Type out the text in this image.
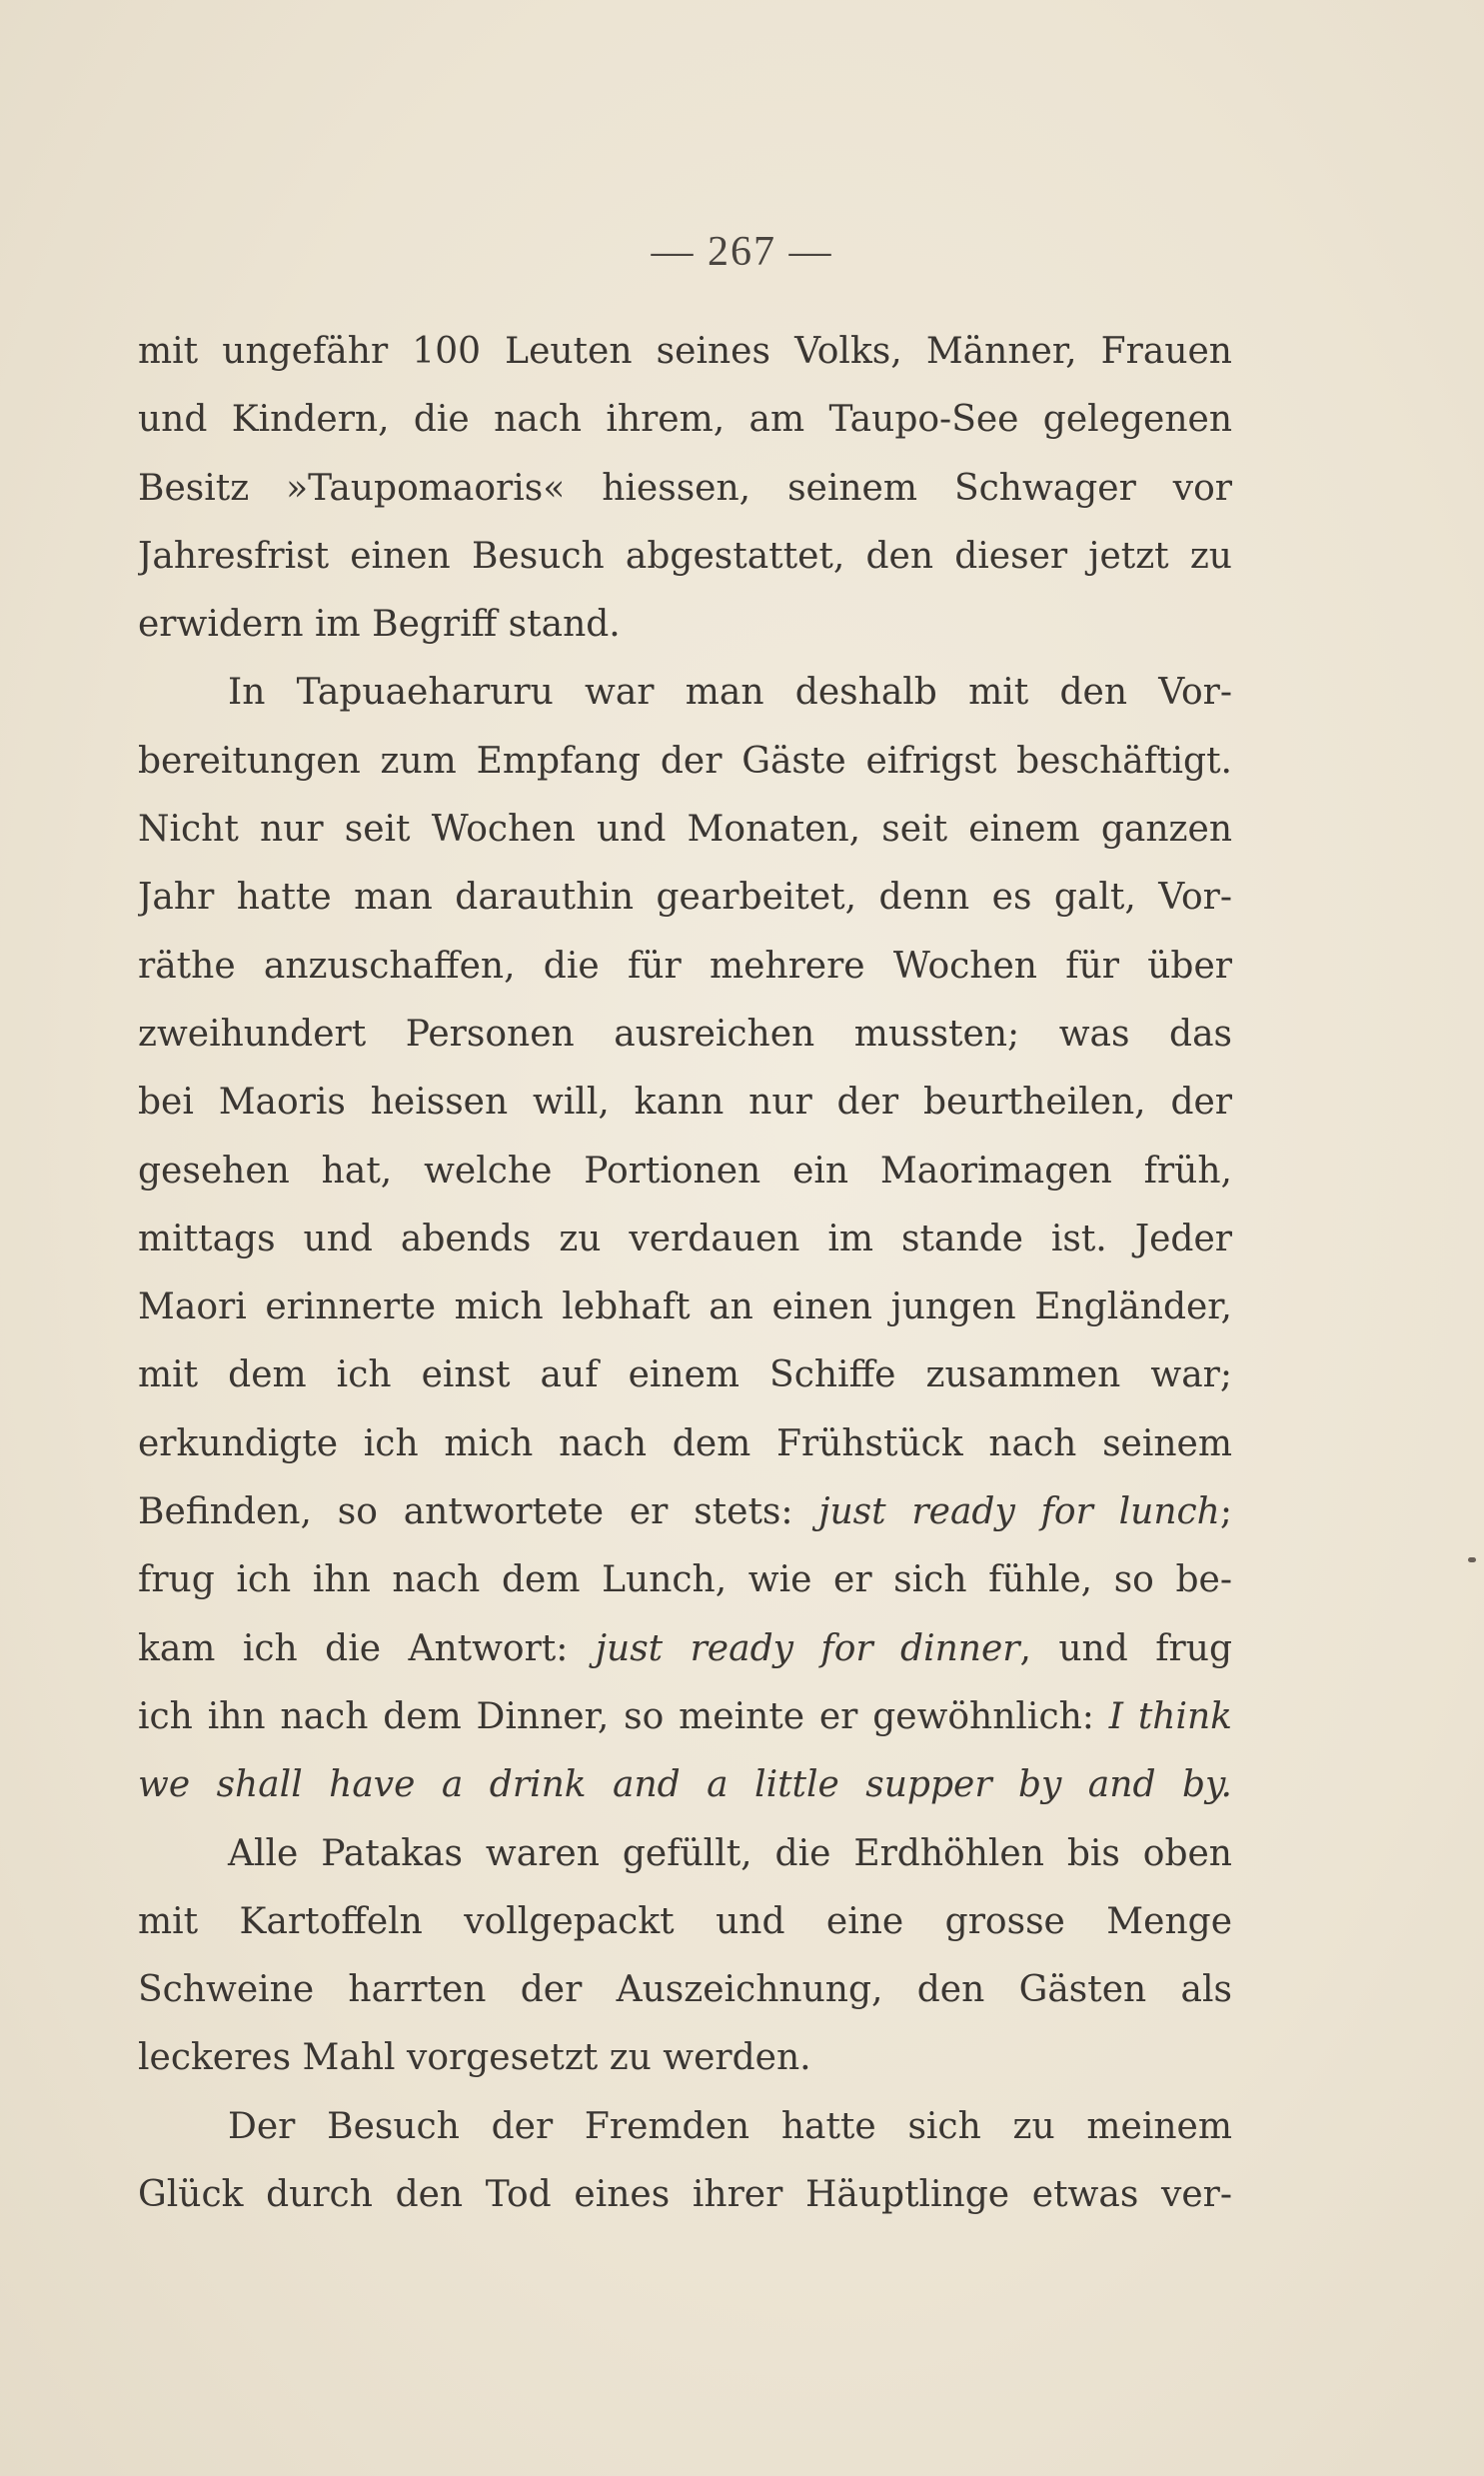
— 267 —
mit ungefähr 100 Leuten seines Volks, Männer, Frauen
und Kindern, die nach ihrem, am Taupo-See gelegenen
Besitz »Taupomaoris« hiessen, seinem Schwager vor
Jahresfrist einen Besuch abgestattet, den dieser jetzt zu
erwidern im Begriff stand.
In Tapuaeharuru war man deshalb mit den Vor-
bereitungen zum Empfang der Gäste eifrigst beschäftigt.
Nicht nur seit Wochen und Monaten, seit einem ganzen
Jahr hatte man darauthin gearbeitet, denn es galt, Vor-
räthe anzuschaffen, die für mehrere Wochen für über
zweihundert Personen ausreichen mussten; was das
bei Maoris heissen will, kann nur der beurtheilen, der
gesehen hat, welche Portionen ein Maorimagen früh,
mittags und abends zu verdauen im stande ist. Jeder
Maori erinnerte mich lebhaft an einen jungen Engländer,
mit dem ich einst auf einem Schiffe zusammen war;
erkundigte ich mich nach dem Frühstück nach seinem
Befinden, so antwortete er stets: just ready for lunch;
frug ich ihn nach dem Lunch, wie er sich fühle, so be-
kam ich die Antwort: just ready for dinner, und frug
ich ihn nach dem Dinner, so meinte er gewöhnlich: I think
we shall have a drink and a little supper by and by.
Alle Patakas waren gefüllt, die Erdhöhlen bis oben
mit Kartoffeln vollgepackt und eine grosse Menge
Schweine harrten der Auszeichnung, den Gästen als
leckeres Mahl vorgesetzt zu werden.
Der Besuch der Fremden hatte sich zu meinem
Glück durch den Tod eines ihrer Häuptlinge etwas ver-
